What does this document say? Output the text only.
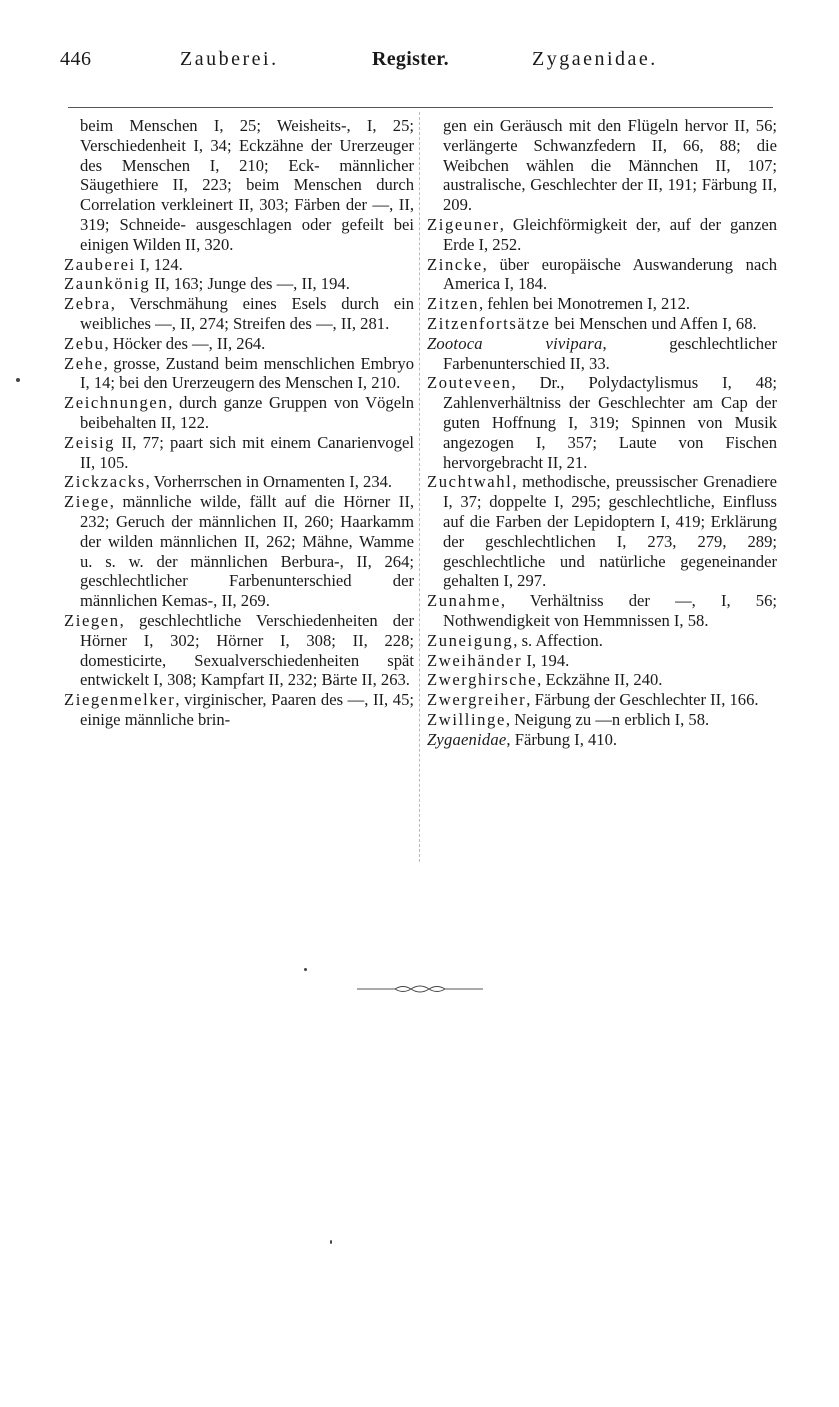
446	Zauberei.	Register.	Zygaenidae.

beim Menschen I, 25; Weisheits-, I, 25; Verschiedenheit I, 34; Eckzähne der Urerzeuger des Menschen I, 210; Eck- männlicher Säugethiere II, 223; beim Menschen durch Correlation verkleinert II, 303; Färben der —, II, 319; Schneide- ausgeschlagen oder gefeilt bei einigen Wilden II, 320.

Zauberei I, 124.

Zaunkönig II, 163; Junge des —, II, 194.

Zebra, Verschmähung eines Esels durch ein weibliches —, II, 274; Streifen des —, II, 281.

Zebu, Höcker des —, II, 264.

Zehe, grosse, Zustand beim menschlichen Embryo I, 14; bei den Urerzeugern des Menschen I, 210.

Zeichnungen, durch ganze Gruppen von Vögeln beibehalten II, 122.

Zeisig II, 77; paart sich mit einem Canarienvogel II, 105.

Zickzacks, Vorherrschen in Ornamenten I, 234.

Ziege, männliche wilde, fällt auf die Hörner II, 232; Geruch der männlichen II, 260; Haarkamm der wilden männlichen II, 262; Mähne, Wamme u. s. w. der männlichen Berbura-, II, 264; geschlechtlicher Farbenunterschied der männlichen Kemas-, II, 269.

Ziegen, geschlechtliche Verschiedenheiten der Hörner I, 302; Hörner I, 308; II, 228; domesticirte, Sexualverschiedenheiten spät entwickelt I, 308; Kampfart II, 232; Bärte II, 263.

Ziegenmelker, virginischer, Paaren des —, II, 45; einige männliche brin-

gen ein Geräusch mit den Flügeln hervor II, 56; verlängerte Schwanzfedern II, 66, 88; die Weibchen wählen die Männchen II, 107; australische, Geschlechter der II, 191; Färbung II, 209.

Zigeuner, Gleichförmigkeit der, auf der ganzen Erde I, 252.

Zincke, über europäische Auswanderung nach America I, 184.

Zitzen, fehlen bei Monotremen I, 212.

Zitzenfortsätze bei Menschen und Affen I, 68.

Zootoca vivipara, geschlechtlicher Farbenunterschied II, 33.

Zouteveen, Dr., Polydactylismus I, 48; Zahlenverhältniss der Geschlechter am Cap der guten Hoffnung I, 319; Spinnen von Musik angezogen I, 357; Laute von Fischen hervorgebracht II, 21.

Zuchtwahl, methodische, preussischer Grenadiere I, 37; doppelte I, 295; geschlechtliche, Einfluss auf die Farben der Lepidoptern I, 419; Erklärung der geschlechtlichen I, 273, 279, 289; geschlechtliche und natürliche gegeneinander gehalten I, 297.

Zunahme, Verhältniss der —, I, 56; Nothwendigkeit von Hemmnissen I, 58.

Zuneigung, s. Affection.

Zweihänder I, 194.

Zwerghirsche, Eckzähne II, 240.

Zwergreiher, Färbung der Geschlechter II, 166.

Zwillinge, Neigung zu —n erblich I, 58.

Zygaenidae, Färbung I, 410.
